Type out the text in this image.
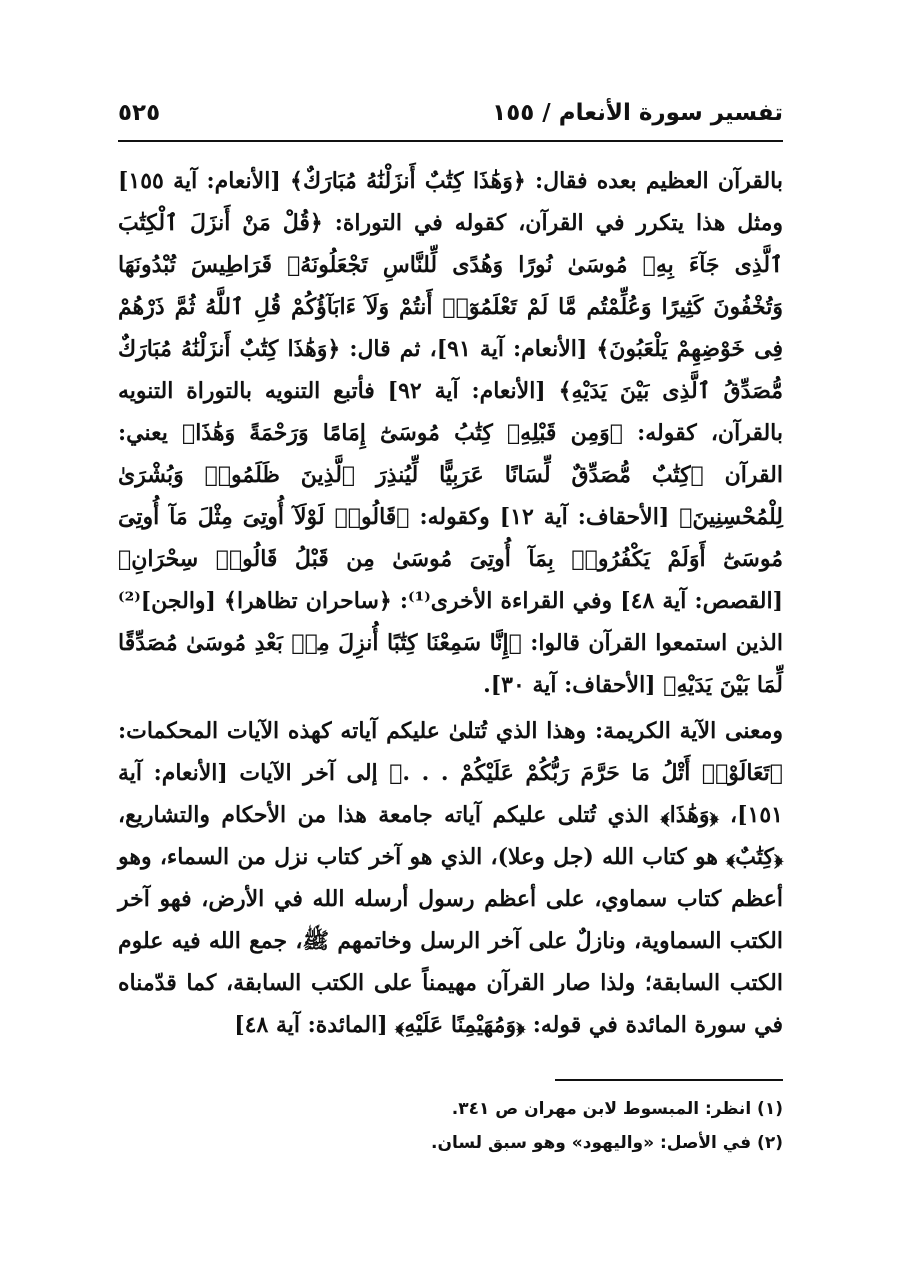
تفسير سورة الأنعام / ١٥٥
٥٢٥

بالقرآن العظيم بعده فقال: ﴿وَهَٰذَا كِتَٰبٌ أَنزَلْنَٰهُ مُبَارَكٌ﴾ [الأنعام: آية ١٥٥] ومثل هذا يتكرر في القرآن، كقوله في التوراة: ﴿قُلْ مَنْ أَنزَلَ ٱلْكِتَٰبَ ٱلَّذِى جَآءَ بِهِۦ مُوسَىٰ نُورًا وَهُدًى لِّلنَّاسِ تَجْعَلُونَهُۥ قَرَاطِيسَ تُبْدُونَهَا وَتُخْفُونَ كَثِيرًا وَعُلِّمْتُم مَّا لَمْ تَعْلَمُوٓا۟ أَنتُمْ وَلَآ ءَابَآؤُكُمْ قُلِ ٱللَّهُ ثُمَّ ذَرْهُمْ فِى خَوْضِهِمْ يَلْعَبُونَ﴾ [الأنعام: آية ٩١]، ثم قال: ﴿وَهَٰذَا كِتَٰبٌ أَنزَلْنَٰهُ مُبَارَكٌ مُّصَدِّقُ ٱلَّذِى بَيْنَ يَدَيْهِ﴾ [الأنعام: آية ٩٢] فأتبع التنويه بالتوراة التنويه بالقرآن، كقوله: ﴿وَمِن قَبْلِهِۦ كِتَٰبُ مُوسَىٰٓ إِمَامًا وَرَحْمَةً وَهَٰذَا﴾ يعني: القرآن ﴿كِتَٰبٌ مُّصَدِّقٌ لِّسَانًا عَرَبِيًّا لِّيُنذِرَ ٱلَّذِينَ ظَلَمُوا۟ وَبُشْرَىٰ لِلْمُحْسِنِينَ﴾ [الأحقاف: آية ١٢] وكقوله: ﴿قَالُوا۟ لَوْلَآ أُوتِىَ مِثْلَ مَآ أُوتِىَ مُوسَىٰٓ أَوَلَمْ يَكْفُرُوا۟ بِمَآ أُوتِىَ مُوسَىٰ مِن قَبْلُ قَالُوا۟ سِحْرَانِ﴾ [القصص: آية ٤٨] وفي القراءة الأخرى⁽¹⁾: ﴿ساحران تظاهرا﴾ [والجن]⁽²⁾ الذين استمعوا القرآن قالوا: ﴿إِنَّا سَمِعْنَا كِتَٰبًا أُنزِلَ مِنۢ بَعْدِ مُوسَىٰ مُصَدِّقًا لِّمَا بَيْنَ يَدَيْهِ﴾ [الأحقاف: آية ٣٠].

ومعنى الآية الكريمة: وهذا الذي تُتلىٰ عليكم آياته كهذه الآيات المحكمات: ﴿تَعَالَوْا۟ أَتْلُ مَا حَرَّمَ رَبُّكُمْ عَلَيْكُمْ . . .﴾ إلى آخر الآيات [الأنعام: آية ١٥١]، ﴿وَهَٰذَا﴾ الذي تُتلى عليكم آياته جامعة هذا من الأحكام والتشاريع، ﴿كِتَٰبٌ﴾ هو كتاب الله (جل وعلا)، الذي هو آخر كتاب نزل من السماء، وهو أعظم كتاب سماوي، على أعظم رسول أرسله الله في الأرض، فهو آخر الكتب السماوية، ونازلٌ على آخر الرسل وخاتمهم ﷺ، جمع الله فيه علوم الكتب السابقة؛ ولذا صار القرآن مهيمناً على الكتب السابقة، كما قدّمناه في سورة المائدة في قوله: ﴿وَمُهَيْمِنًا عَلَيْهِ﴾ [المائدة: آية ٤٨]

(١) انظر: المبسوط لابن مهران ص ٣٤١.

(٢) في الأصل: «واليهود» وهو سبق لسان.
